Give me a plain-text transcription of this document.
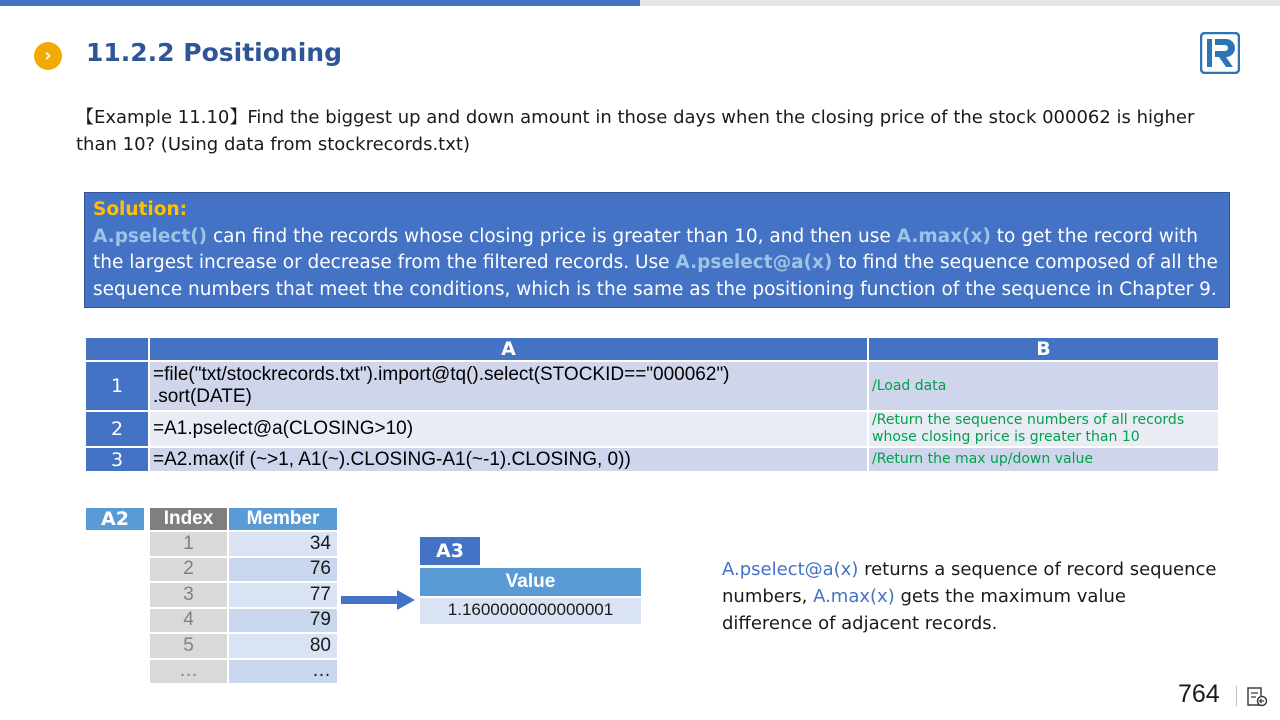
›	11.2.2 Positioning
【Example 11.10】Find the biggest up and down amount in those days when the closing price of the stock 000062 is higher than 10? (Using data from stockrecords.txt)
Solution:
A.pselect() can find the records whose closing price is greater than 10, and then use A.max(x) to get the record with the largest increase or decrease from the filtered records. Use A.pselect@a(x) to find the sequence composed of all the sequence numbers that meet the conditions, which is the same as the positioning function of the sequence in Chapter 9.
	A	B
1	=file("txt/stockrecords.txt").import@tq().select(STOCKID=="000062")
.sort(DATE)	/Load data

2	=A1.pselect@a(CLOSING>10)	/Return the sequence numbers of all records
whose closing price is greater than 10

3	=A2.max(if (~>1, A1(~).CLOSING-A1(~-1).CLOSING, 0))	/Return the max up/down value
A2	Index	Member
1	34
2	76
3	77
4	79
5	80
…	…
A3
Value
1.1600000000000001
A.pselect@a(x) returns a sequence of record sequence numbers, A.max(x) gets the maximum value difference of adjacent records.
764
